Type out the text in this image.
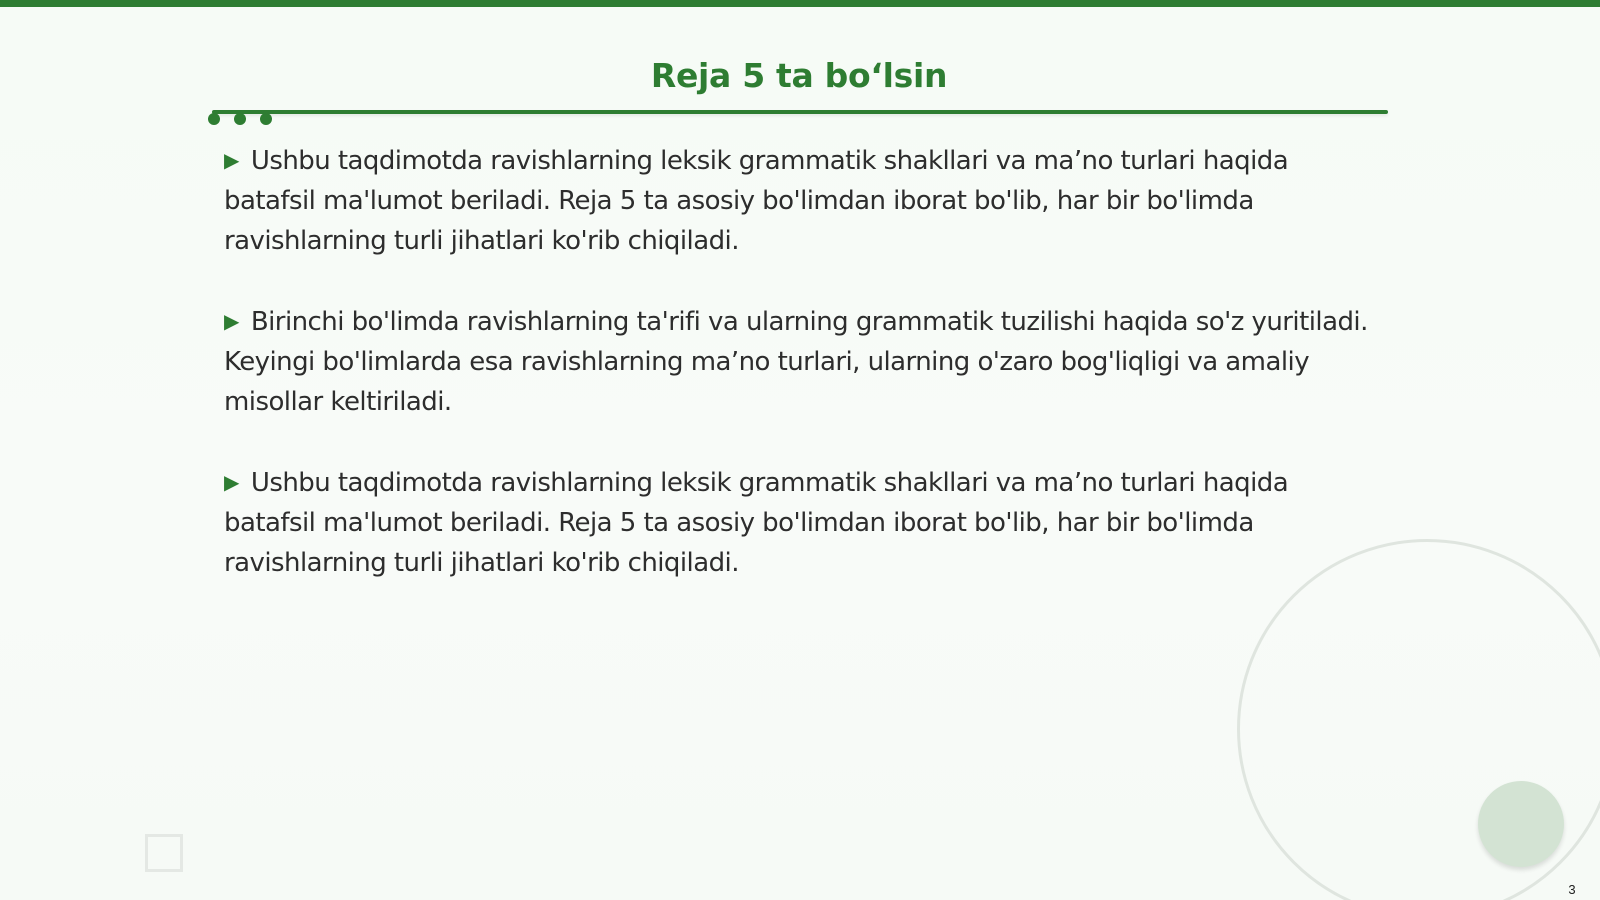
Reja 5 ta bo‘lsin

▶ Ushbu taqdimotda ravishlarning leksik grammatik shakllari va ma’no turlari haqida batafsil ma'lumot beriladi. Reja 5 ta asosiy bo'limdan iborat bo'lib, har bir bo'limda ravishlarning turli jihatlari ko'rib chiqiladi.

▶ Birinchi bo'limda ravishlarning ta'rifi va ularning grammatik tuzilishi haqida so'z yuritiladi. Keyingi bo'limlarda esa ravishlarning ma’no turlari, ularning o'zaro bog'liqligi va amaliy misollar keltiriladi.

▶ Ushbu taqdimotda ravishlarning leksik grammatik shakllari va ma’no turlari haqida batafsil ma'lumot beriladi. Reja 5 ta asosiy bo'limdan iborat bo'lib, har bir bo'limda ravishlarning turli jihatlari ko'rib chiqiladi.

3
